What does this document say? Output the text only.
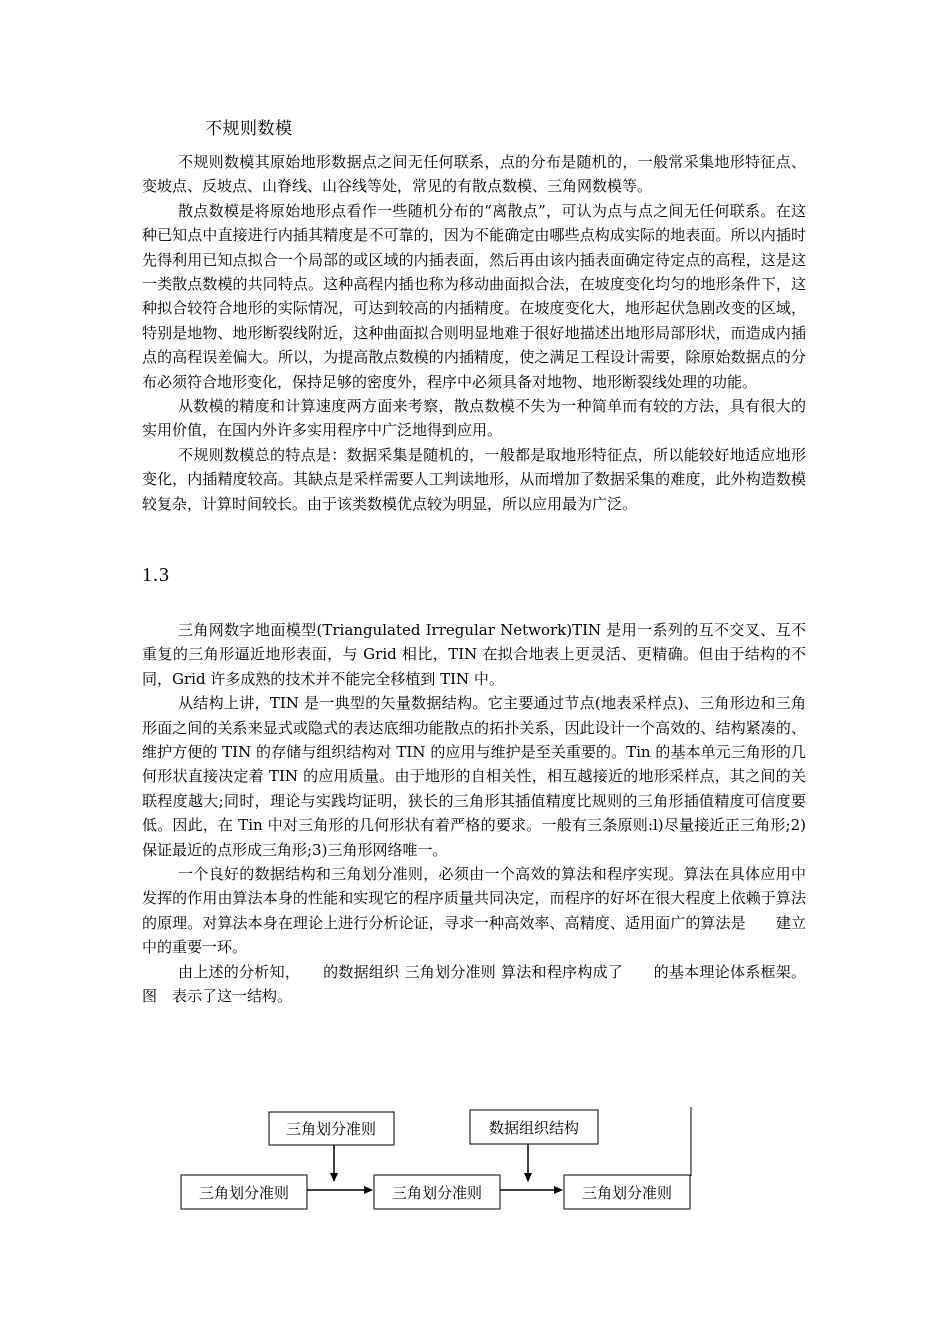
不规则数模

不规则数模其原始地形数据点之间无任何联系，点的分布是随机的，一般常采集地形特征点、变坡点、反坡点、山脊线、山谷线等处，常见的有散点数模、三角网数模等。

散点数模是将原始地形点看作一些随机分布的“离散点”，可认为点与点之间无任何联系。在这种已知点中直接进行内插其精度是不可靠的，因为不能确定由哪些点构成实际的地表面。所以内插时先得利用已知点拟合一个局部的或区域的内插表面，然后再由该内插表面确定待定点的高程，这是这一类散点数模的共同特点。这种高程内插也称为移动曲面拟合法，在坡度变化均匀的地形条件下，这种拟合较符合地形的实际情况，可达到较高的内插精度。在坡度变化大，地形起伏急剧改变的区域，特别是地物、地形断裂线附近，这种曲面拟合则明显地难于很好地描述出地形局部形状，而造成内插点的高程误差偏大。所以，为提高散点数模的内插精度，使之满足工程设计需要，除原始数据点的分布必须符合地形变化，保持足够的密度外，程序中必须具备对地物、地形断裂线处理的功能。

从数模的精度和计算速度两方面来考察，散点数模不失为一种简单而有较的方法，具有很大的实用价值，在国内外许多实用程序中广泛地得到应用。

不规则数模总的特点是：数据采集是随机的，一般都是取地形特征点，所以能较好地适应地形变化，内插精度较高。其缺点是采样需要人工判读地形，从而增加了数据采集的难度，此外构造数模较复杂，计算时间较长。由于该类数模优点较为明显，所以应用最为广泛。

1.3

三角网数字地面模型(Triangulated Irregular Network)TIN 是用一系列的互不交叉、互不重复的三角形逼近地形表面，与 Grid 相比，TIN 在拟合地表上更灵活、更精确。但由于结构的不同，Grid 许多成熟的技术并不能完全移植到 TIN 中。

从结构上讲，TIN 是一典型的矢量数据结构。它主要通过节点(地表采样点)、三角形边和三角形面之间的关系来显式或隐式的表达底细功能散点的拓扑关系，因此设计一个高效的、结构紧凑的、维护方便的 TIN 的存储与组织结构对 TIN 的应用与维护是至关重要的。Tin 的基本单元三角形的几何形状直接决定着 TIN 的应用质量。由于地形的自相关性，相互越接近的地形采样点，其之间的关联程度越大;同时，理论与实践均证明，狭长的三角形其插值精度比规则的三角形插值精度可信度要低。因此，在 Tin 中对三角形的几何形状有着严格的要求。一般有三条原则:l)尽量接近正三角形;2)保证最近的点形成三角形;3)三角形网络唯一。

一个良好的数据结构和三角划分准则，必须由一个高效的算法和程序实现。算法在具体应用中发挥的作用由算法本身的性能和实现它的程序质量共同决定，而程序的好坏在很大程度上依赖于算法的原理。对算法本身在理论上进行分析论证，寻求一种高效率、高精度、适用面广的算法是　　建立中的重要一环。

由上述的分析知，　　的数据组织 三角划分准则 算法和程序构成了　　的基本理论体系框架。图　表示了这一结构。

三角划分准则	数据组织结构
三角划分准则	三角划分准则	三角划分准则
